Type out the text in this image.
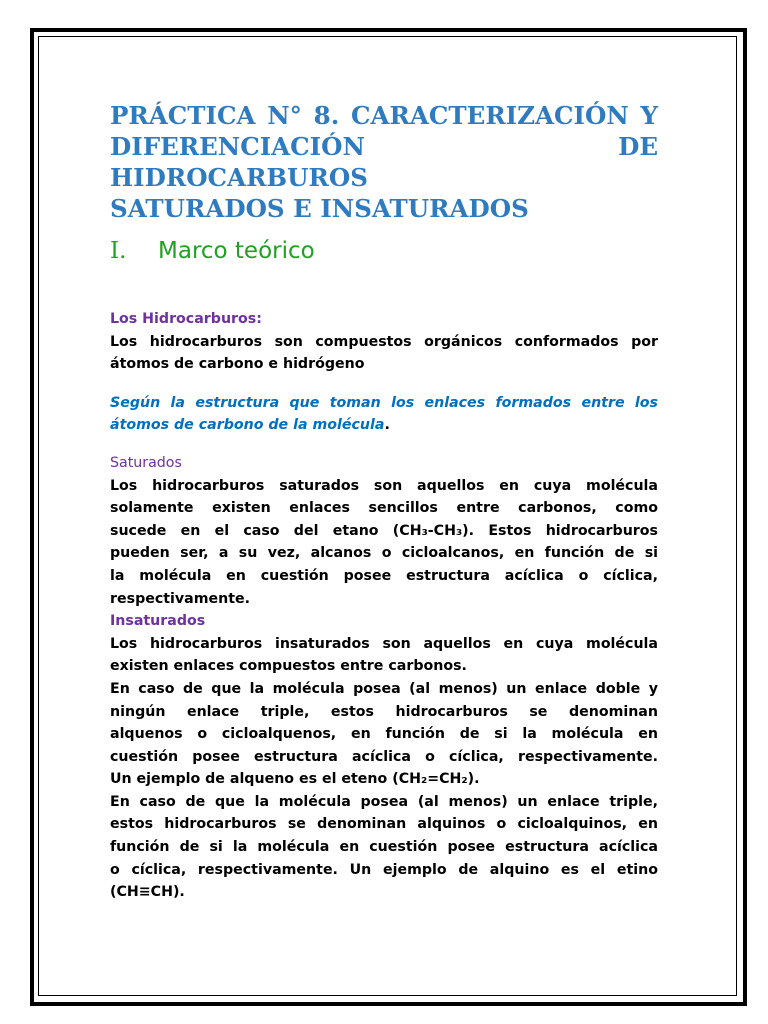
PRÁCTICA N° 8. CARACTERIZACIÓN Y
DIFERENCIACIÓN DE HIDROCARBUROS
SATURADOS E INSATURADOS
I.	Marco teórico

Los Hidrocarburos:

Los hidrocarburos son compuestos orgánicos conformados por
átomos de carbono e hidrógeno

Según la estructura que toman los enlaces formados entre los
átomos de carbono de la molécula.

Saturados

Los hidrocarburos saturados son aquellos en cuya molécula
solamente existen enlaces sencillos entre carbonos, como
sucede en el caso del etano (CH₃-CH₃). Estos hidrocarburos
pueden ser, a su vez, alcanos o cicloalcanos, en función de si
la molécula en cuestión posee estructura acíclica o cíclica,
respectivamente.

Insaturados

Los hidrocarburos insaturados son aquellos en cuya molécula
existen enlaces compuestos entre carbonos.
En caso de que la molécula posea (al menos) un enlace doble y
ningún enlace triple, estos hidrocarburos se denominan
alquenos o cicloalquenos, en función de si la molécula en
cuestión posee estructura acíclica o cíclica, respectivamente.
Un ejemplo de alqueno es el eteno (CH₂=CH₂).
En caso de que la molécula posea (al menos) un enlace triple,
estos hidrocarburos se denominan alquinos o cicloalquinos, en
función de si la molécula en cuestión posee estructura acíclica
o cíclica, respectivamente. Un ejemplo de alquino es el etino
(CH≡CH).
